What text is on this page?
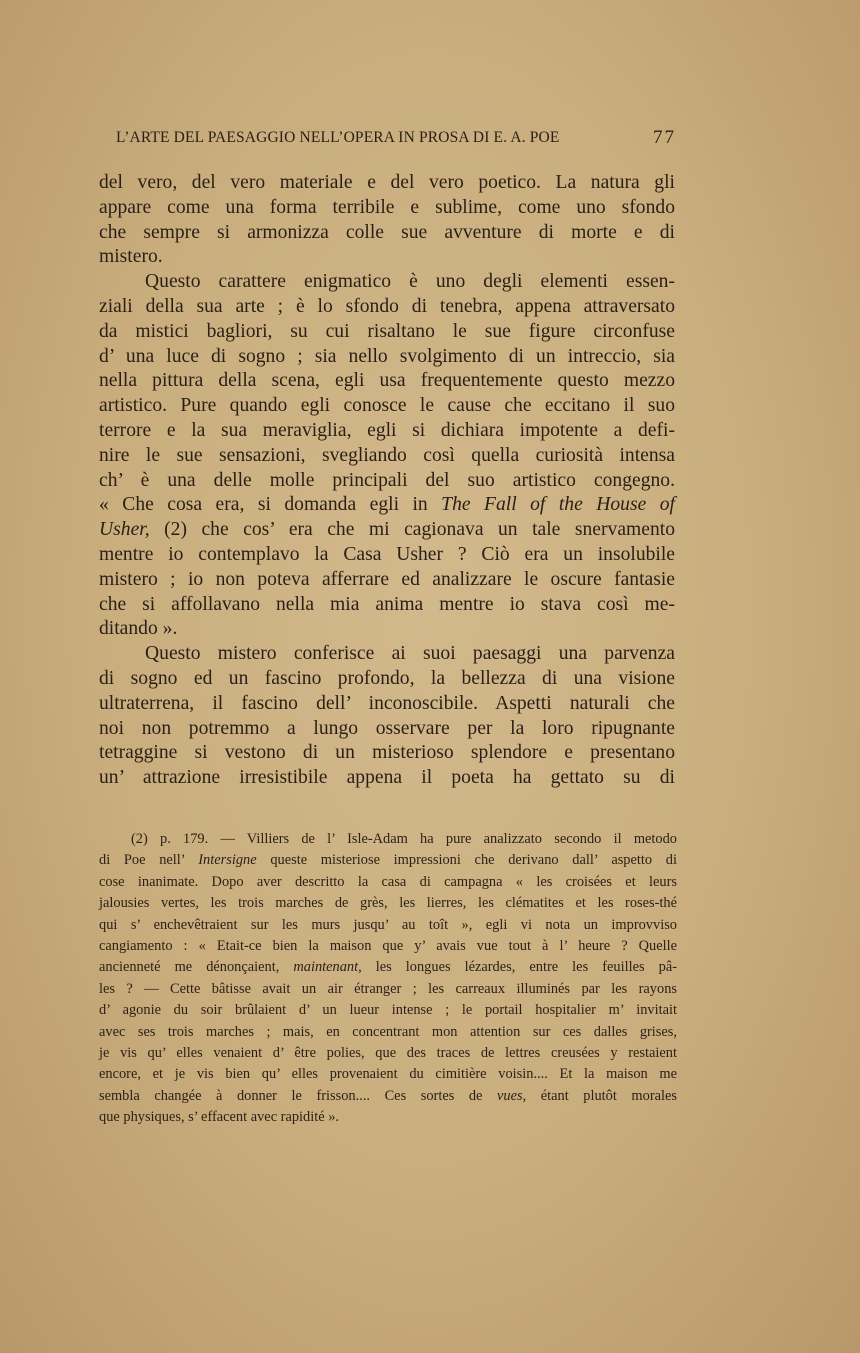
L’ARTE DEL PAESAGGIO NELL’OPERA IN PROSA DI E. A. POE	77
del vero, del vero materiale e del vero poetico. La natura gli
appare come una forma terribile e sublime, come uno sfondo
che sempre si armonizza colle sue avventure di morte e di
mistero.
Questo carattere enigmatico è uno degli elementi essen-
ziali della sua arte ; è lo sfondo di tenebra, appena attraversato
da mistici bagliori, su cui risaltano le sue figure circonfuse
d’ una luce di sogno ; sia nello svolgimento di un intreccio, sia
nella pittura della scena, egli usa frequentemente questo mezzo
artistico. Pure quando egli conosce le cause che eccitano il suo
terrore e la sua meraviglia, egli si dichiara impotente a defi-
nire le sue sensazioni, svegliando così quella curiosità intensa
ch’ è una delle molle principali del suo artistico congegno.
« Che cosa era, si domanda egli in The Fall of the House of
Usher, (2) che cos’ era che mi cagionava un tale snervamento
mentre io contemplavo la Casa Usher ? Ciò era un insolubile
mistero ; io non poteva afferrare ed analizzare le oscure fantasie
che si affollavano nella mia anima mentre io stava così me-
ditando ».
Questo mistero conferisce ai suoi paesaggi una parvenza
di sogno ed un fascino profondo, la bellezza di una visione
ultraterrena, il fascino dell’ inconoscibile. Aspetti naturali che
noi non potremmo a lungo osservare per la loro ripugnante
tetraggine si vestono di un misterioso splendore e presentano
un’ attrazione irresistibile appena il poeta ha gettato su di
(2) p. 179. — Villiers de l’ Isle-Adam ha pure analizzato secondo il metodo
di Poe nell’ Intersigne queste misteriose impressioni che derivano dall’ aspetto di
cose inanimate. Dopo aver descritto la casa di campagna « les croisées et leurs
jalousies vertes, les trois marches de grès, les lierres, les clématites et les roses-thé
qui s’ enchevêtraient sur les murs jusqu’ au toît », egli vi nota un improvviso
cangiamento : « Etait-ce bien la maison que y’ avais vue tout à l’ heure ? Quelle
ancienneté me dénonçaient, maintenant, les longues lézardes, entre les feuilles pâ-
les ? — Cette bâtisse avait un air étranger ; les carreaux illuminés par les rayons
d’ agonie du soir brûlaient d’ un lueur intense ; le portail hospitalier m’ invitait
avec ses trois marches ; mais, en concentrant mon attention sur ces dalles grises,
je vis qu’ elles venaient d’ être polies, que des traces de lettres creusées y restaient
encore, et je vis bien qu’ elles provenaient du cimitière voisin.... Et la maison me
sembla changée à donner le frisson.... Ces sortes de vues, étant plutôt morales
que physiques, s’ effacent avec rapidité ».
